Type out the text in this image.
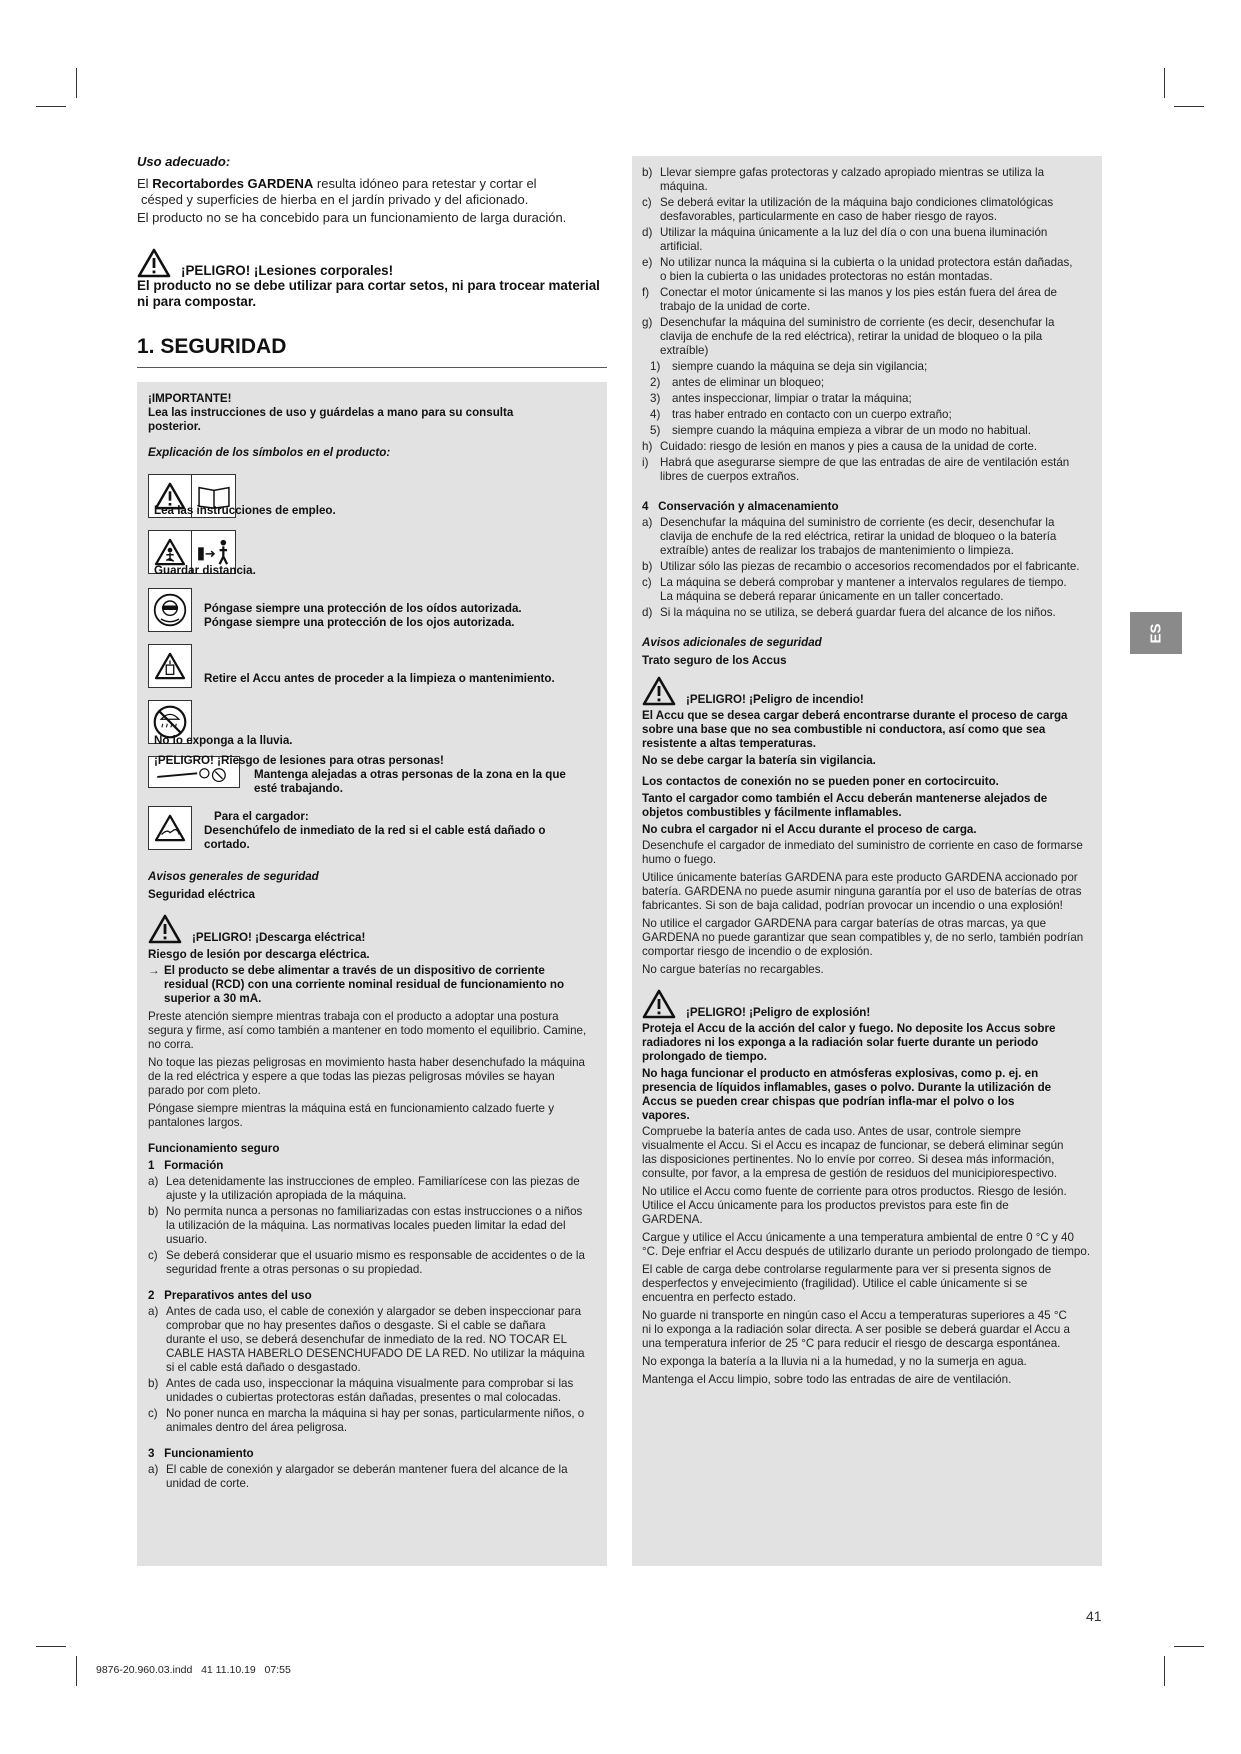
Uso adecuado:
El Recortabordes GARDENA resulta idóneo para retestar y cortar el
césped y superficies de hierba en el jardín privado y del aficionado.
El producto no se ha concebido para un funcionamiento de larga duración.
¡PELIGRO! ¡Lesiones corporales!
El producto no se debe utilizar para cortar setos, ni para trocear material ni para compostar.
1. SEGURIDAD
¡IMPORTANTE!
Lea las instrucciones de uso y guárdelas a mano para su consulta posterior.
Explicación de los símbolos en el producto:
Lea las instrucciones de empleo.
Guardar distancia.
Póngase siempre una protección de los oídos autorizada.
Póngase siempre una protección de los ojos autorizada.
Retire el Accu antes de proceder a la limpieza o mantenimiento.
No lo exponga a la lluvia.
¡PELIGRO! ¡Riesgo de lesiones para otras personas!
Mantenga alejadas a otras personas de la zona en la que esté trabajando.
Para el cargador:
Desenchúfelo de inmediato de la red si el cable está dañado o cortado.
Avisos generales de seguridad
Seguridad eléctrica
¡PELIGRO! ¡Descarga eléctrica!
Riesgo de lesión por descarga eléctrica.
→ El producto se debe alimentar a través de un dispositivo de corriente residual (RCD) con una corriente nominal residual de funcionamiento no superior a 30 mA.
Preste atención siempre mientras trabaja con el producto a adoptar una postura segura y firme, así como también a mantener en todo momento el equilibrio. Camine, no corra.
No toque las piezas peligrosas en movimiento hasta haber desenchufado la máquina de la red eléctrica y espere a que todas las piezas peligrosas móviles se hayan parado por com pleto.
Póngase siempre mientras la máquina está en funcionamiento calzado fuerte y pantalones largos.
Funcionamiento seguro
1   Formación
a) Lea detenidamente las instrucciones de empleo. Familiarícese con las piezas de ajuste y la utilización apropiada de la máquina.
b) No permita nunca a personas no familiarizadas con estas instrucciones o a niños la utilización de la máquina. Las normativas locales pueden limitar la edad del usuario.
c) Se deberá considerar que el usuario mismo es responsable de accidentes o de la seguridad frente a otras personas o su propiedad.
2   Preparativos antes del uso
a) Antes de cada uso, el cable de conexión y alargador se deben inspeccionar para comprobar que no hay presentes daños o desgaste. Si el cable se dañara durante el uso, se deberá desenchufar de inmediato de la red. NO TOCAR EL CABLE HASTA HABERLO DESENCHUFADO DE LA RED. No utilizar la máquina si el cable está dañado o desgastado.
b) Antes de cada uso, inspeccionar la máquina visualmente para comprobar si las unidades o cubiertas protectoras están dañadas, presentes o mal colocadas.
c) No poner nunca en marcha la máquina si hay per sonas, particularmente niños, o animales dentro del área peligrosa.
3   Funcionamiento
a) El cable de conexión y alargador se deberán mantener fuera del alcance de la unidad de corte.
b) Llevar siempre gafas protectoras y calzado apropiado mientras se utiliza la máquina.
c) Se deberá evitar la utilización de la máquina bajo condiciones climatológicas desfavorables, particularmente en caso de haber riesgo de rayos.
d) Utilizar la máquina únicamente a la luz del día o con una buena iluminación artificial.
e) No utilizar nunca la máquina si la cubierta o la unidad protectora están dañadas, o bien la cubierta o las unidades protectoras no están montadas.
f) Conectar el motor únicamente si las manos y los pies están fuera del área de trabajo de la unidad de corte.
g) Desenchufar la máquina del suministro de corriente (es decir, desenchufar la clavija de enchufe de la red eléctrica), retirar la unidad de bloqueo o la pila extraíble)
1)	siempre cuando la máquina se deja sin vigilancia;
2)	antes de eliminar un bloqueo;
3)	antes inspeccionar, limpiar o tratar la máquina;
4)	tras haber entrado en contacto con un cuerpo extraño;
5)	siempre cuando la máquina empieza a vibrar de un modo no habitual.
h) Cuidado: riesgo de lesión en manos y pies a causa de la unidad de corte.
i) Habrá que asegurarse siempre de que las entradas de aire de ventilación están libres de cuerpos extraños.
4   Conservación y almacenamiento
a) Desenchufar la máquina del suministro de corriente (es decir, desenchufar la clavija de enchufe de la red eléctrica, retirar la unidad de bloqueo o la batería extraíble) antes de realizar los trabajos de mantenimiento o limpieza.
b) Utilizar sólo las piezas de recambio o accesorios recomendados por el fabricante.
c) La máquina se deberá comprobar y mantener a intervalos regulares de tiempo. La máquina se deberá reparar únicamente en un taller concertado.
d) Si la máquina no se utiliza, se deberá guardar fuera del alcance de los niños.
Avisos adicionales de seguridad
Trato seguro de los Accus
¡PELIGRO! ¡Peligro de incendio!
El Accu que se desea cargar deberá encontrarse durante el proceso de carga sobre una base que no sea combustible ni conductora, así como que sea resistente a altas temperaturas.
No se debe cargar la batería sin vigilancia.
Los contactos de conexión no se pueden poner en cortocircuito.
Tanto el cargador como también el Accu deberán mantenerse alejados de objetos combustibles y fácilmente inflamables.
No cubra el cargador ni el Accu durante el proceso de carga.
Desenchufe el cargador de inmediato del suministro de corriente en caso de formarse humo o fuego.
Utilice únicamente baterías GARDENA para este producto GARDENA accionado por batería. GARDENA no puede asumir ninguna garantía por el uso de baterías de otras fabricantes. Si son de baja calidad, podrían provocar un incendio o una explosión!
No utilice el cargador GARDENA para cargar baterías de otras marcas, ya que GARDENA no puede garantizar que sean compatibles y, de no serlo, también podrían comportar riesgo de incendio o de explosión.
No cargue baterías no recargables.
¡PELIGRO! ¡Peligro de explosión!
Proteja el Accu de la acción del calor y fuego. No deposite los Accus sobre radiadores ni los exponga a la radiación solar fuerte durante un periodo prolongado de tiempo.
No haga funcionar el producto en atmósferas explosivas, como p. ej. en presencia de líquidos inflamables, gases o polvo. Durante la utilización de Accus se pueden crear chispas que podrían infla-mar el polvo o los vapores.
Compruebe la batería antes de cada uso. Antes de usar, controle siempre visualmente el Accu. Si el Accu es incapaz de funcionar, se deberá eliminar según las disposiciones pertinentes. No lo envíe por correo. Si desea más información, consulte, por favor, a la empresa de gestión de residuos del municipiorespectivo.
No utilice el Accu como fuente de corriente para otros productos. Riesgo de lesión. Utilice el Accu únicamente para los productos previstos para este fin de GARDENA.
Cargue y utilice el Accu únicamente a una temperatura ambiental de entre 0 °C y 40 °C. Deje enfriar el Accu después de utilizarlo durante un periodo prolongado de tiempo.
El cable de carga debe controlarse regularmente para ver si presenta signos de desperfectos y envejecimiento (fragilidad). Utilice el cable únicamente si se encuentra en perfecto estado.
No guarde ni transporte en ningún caso el Accu a temperaturas superiores a 45 °C ni lo exponga a la radiación solar directa. A ser posible se deberá guardar el Accu a una temperatura inferior de 25 °C para reducir el riesgo de descarga espontánea.
No exponga la batería a la lluvia ni a la humedad, y no la sumerja en agua.
Mantenga el Accu limpio, sobre todo las entradas de aire de ventilación.
ES
41
9876-20.960.03.indd   41 11.10.19   07:55
